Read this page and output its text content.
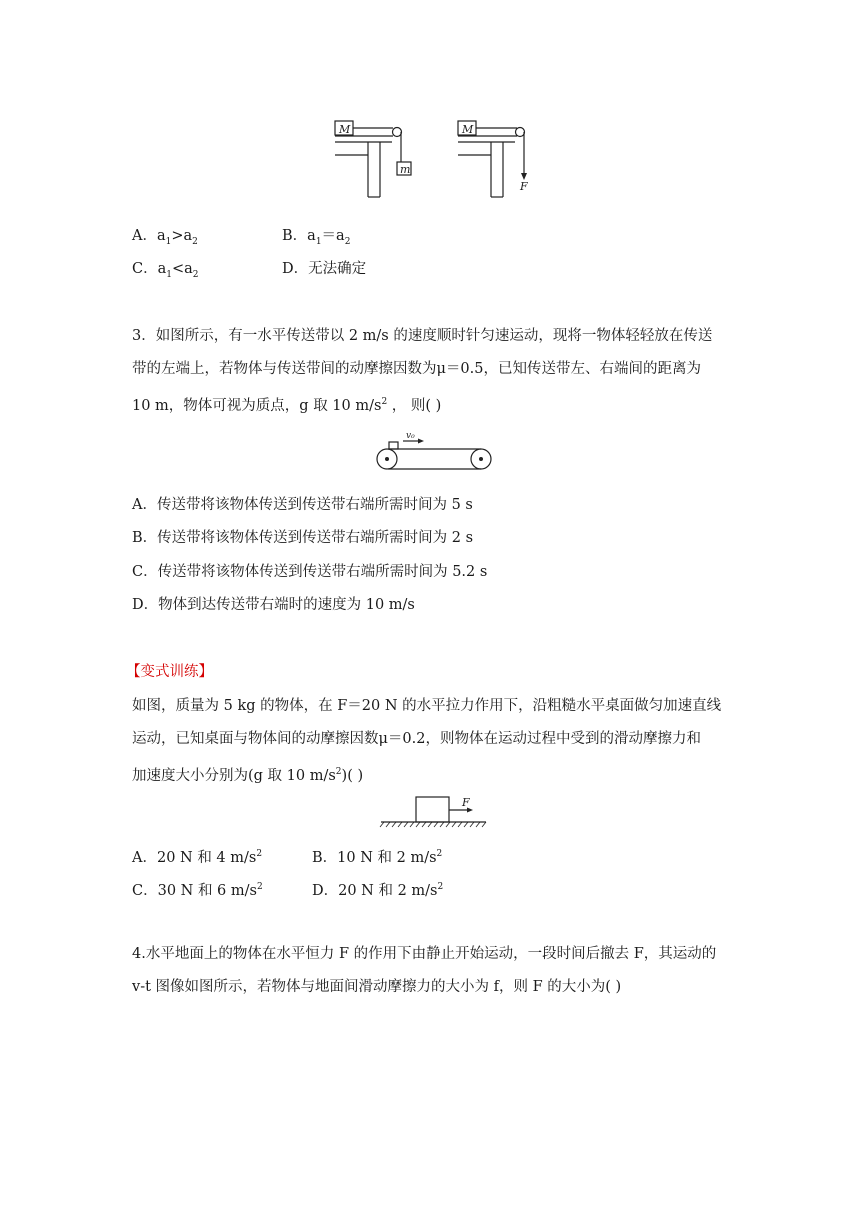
M
m
M
F
A．$a_1>a_2$	B．$a_1=a_2$
C．$a_1<a_2$	D．无法确定
3．如图所示，有一水平传送带以 2 m/s 的速度顺时针匀速运动，现将一物体轻轻放在传送
带的左端上，若物体与传送带间的动摩擦因数为μ＝0.5，已知传送带左、右端间的距离为
10 m，物体可视为质点，g 取 10 $m/s^2$ ， 则( )
v₀
A．传送带将该物体传送到传送带右端所需时间为 5 s
B．传送带将该物体传送到传送带右端所需时间为 2 s
C．传送带将该物体传送到传送带右端所需时间为 5.2 s
D．物体到达传送带右端时的速度为 10 m/s
【变式训练】
如图，质量为 5 kg 的物体，在 F＝20 N 的水平拉力作用下，沿粗糙水平桌面做匀加速直线
运动，已知桌面与物体间的动摩擦因数μ＝0.2，则物体在运动过程中受到的滑动摩擦力和
加速度大小分别为(g 取 10 $m/s^2$)( )
F
A．20 N 和 4 $m/s^2$	B．10 N 和 2 $m/s^2$
C．30 N 和 6 $m/s^2$	D．20 N 和 2 $m/s^2$
4.水平地面上的物体在水平恒力 F 的作用下由静止开始运动，一段时间后撤去 F，其运动的
v-t 图像如图所示，若物体与地面间滑动摩擦力的大小为 f，则 F 的大小为( )
